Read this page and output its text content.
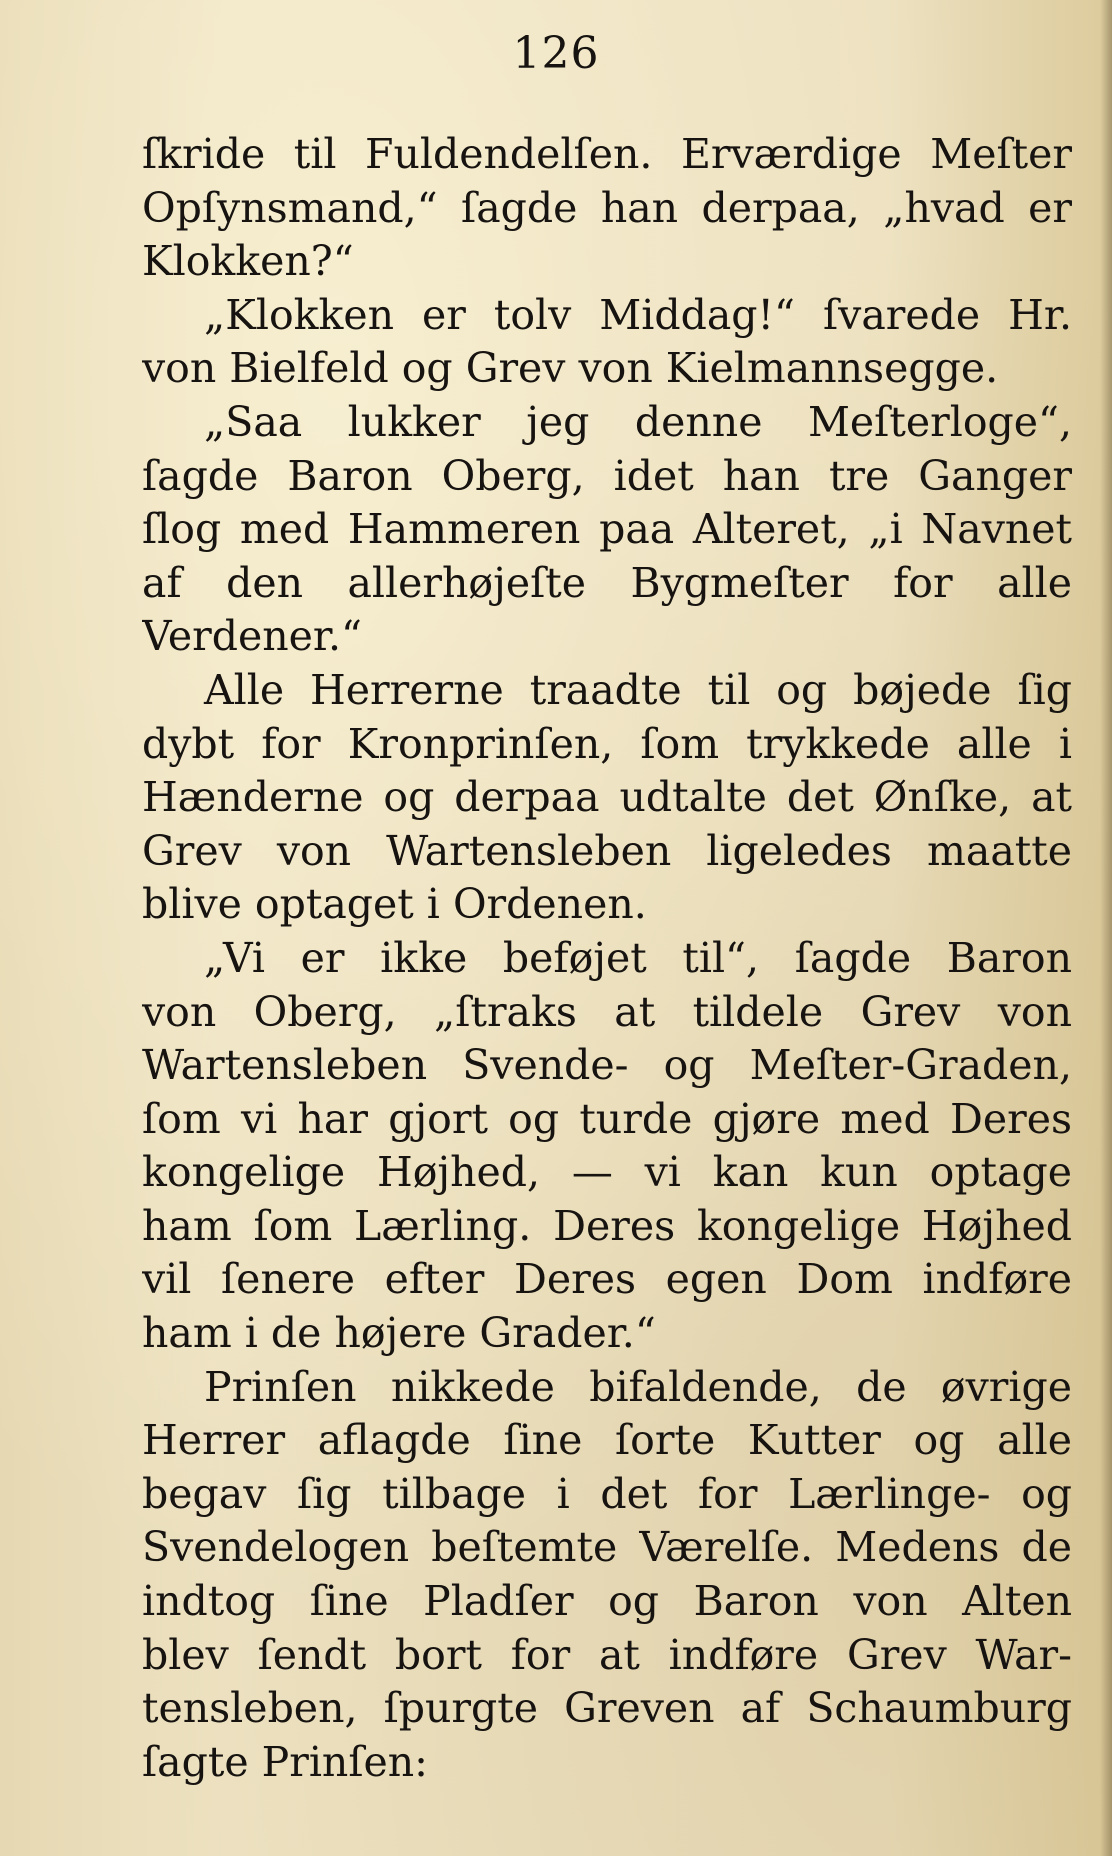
126
ſkride til Fuldendelſen. Erværdige Meſter
Opſynsmand,“ ſagde han derpaa, „hvad er
Klokken?“
„Klokken er tolv Middag!“ ſvarede Hr.
von Bielfeld og Grev von Kielmannsegge.
„Saa lukker jeg denne Meſterloge“,
ſagde Baron Oberg, idet han tre Ganger
ſlog med Hammeren paa Alteret, „i Navnet
af den allerhøjeſte Bygmeſter for alle
Verdener.“
Alle Herrerne traadte til og bøjede ſig
dybt for Kronprinſen, ſom trykkede alle i
Hænderne og derpaa udtalte det Ønſke, at
Grev von Wartensleben ligeledes maatte
blive optaget i Ordenen.
„Vi er ikke beføjet til“, ſagde Baron
von Oberg, „ſtraks at tildele Grev von
Wartensleben Svende- og Meſter-Graden,
ſom vi har gjort og turde gjøre med Deres
kongelige Højhed, — vi kan kun optage
ham ſom Lærling. Deres kongelige Højhed
vil ſenere efter Deres egen Dom indføre
ham i de højere Grader.“
Prinſen nikkede bifaldende, de øvrige
Herrer aflagde ſine ſorte Kutter og alle
begav ſig tilbage i det for Lærlinge- og
Svendelogen beſtemte Værelſe. Medens de
indtog ſine Pladſer og Baron von Alten
blev ſendt bort for at indføre Grev War-
tensleben, ſpurgte Greven af Schaumburg
ſagte Prinſen:
